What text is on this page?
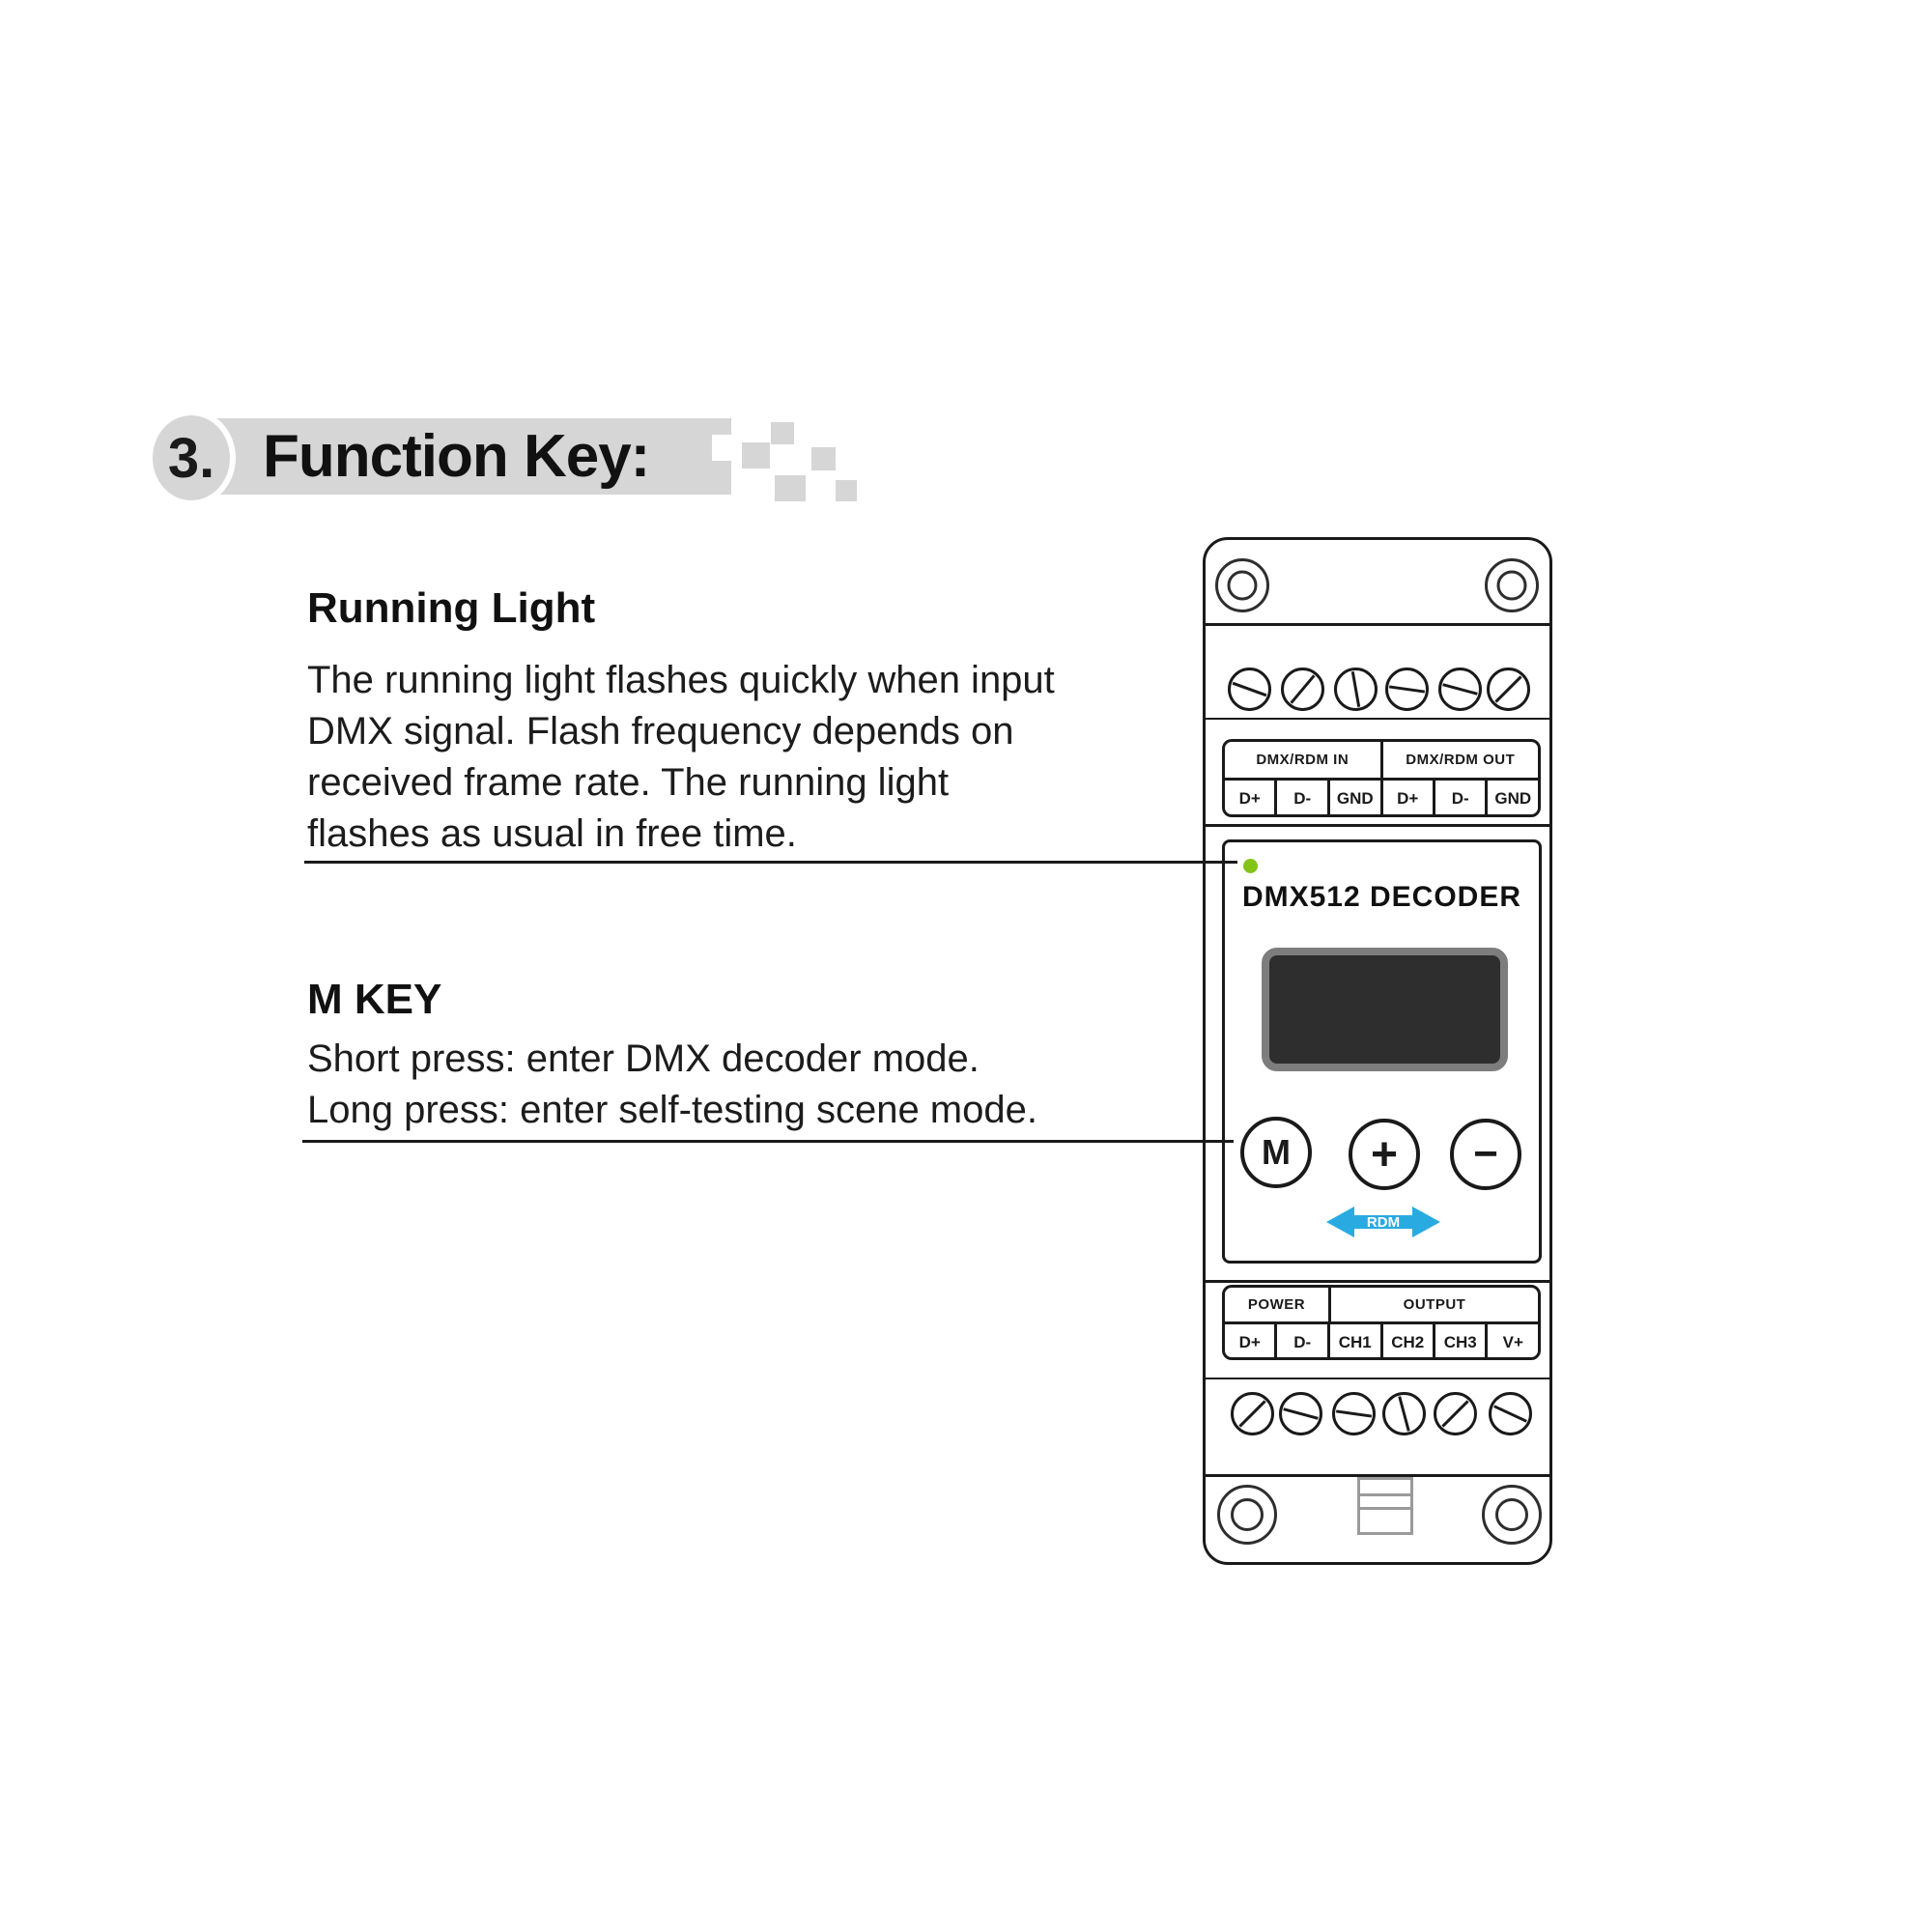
3. Function Key:
Running Light
The running light flashes quickly when input
DMX signal. Flash frequency depends on
received frame rate. The running light
flashes as usual in free time.
M KEY
Short press: enter DMX decoder mode.
Long press: enter self-testing scene mode.
DMX/RDM IN	DMX/RDM OUT
D+	D-	GND	D+	D-	GND
DMX512 DECODER
M	+	−
RDM
POWER	OUTPUT
D+	D-	CH1	CH2	CH3	V+
